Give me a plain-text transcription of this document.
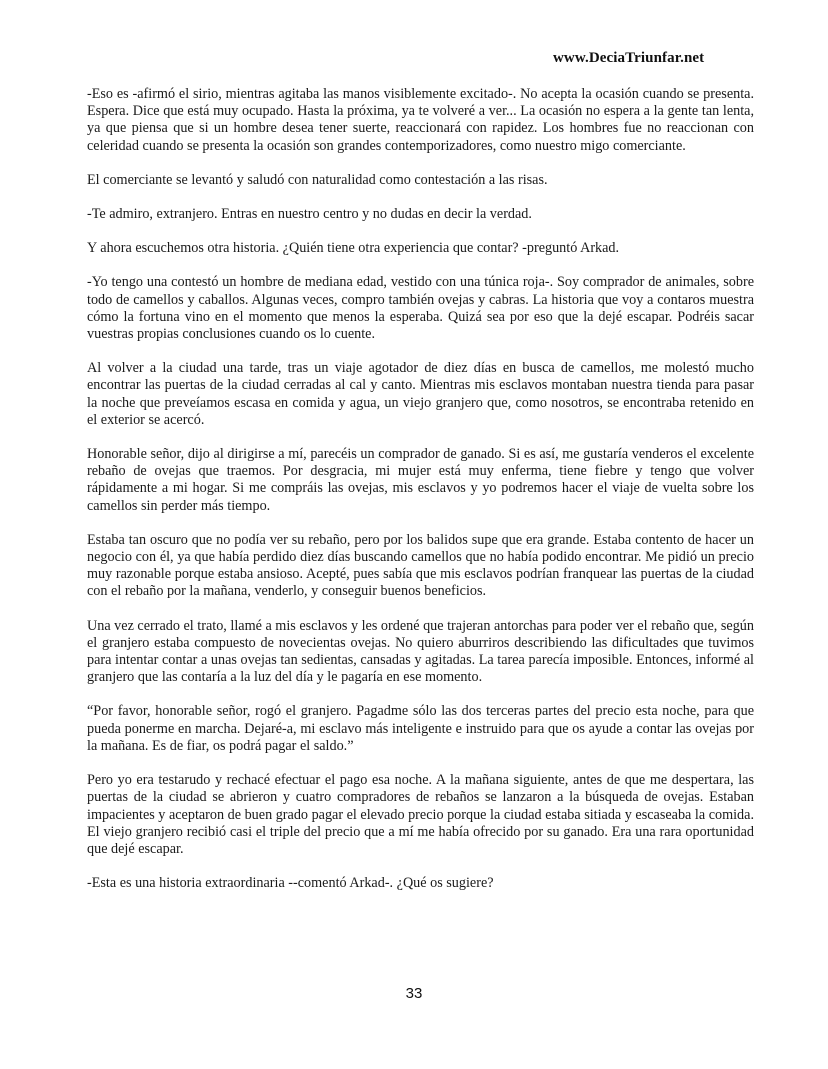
www.DeciaTriunfar.net

-Eso es -afirmó el sirio, mientras agitaba las manos visiblemente excitado-. No acepta la ocasión cuando se presenta. Espera. Dice que está muy ocupado. Hasta la próxima, ya te volveré a ver... La ocasión no espera a la gente tan lenta, ya que piensa que si un hombre desea tener suerte, reaccionará con rapidez. Los hombres fue no reaccionan con celeridad cuando se presenta la ocasión son grandes contemporizadores, como nuestro migo comerciante.

El comerciante se levantó y saludó con naturalidad como contestación a las risas.

-Te admiro, extranjero. Entras en nuestro centro y no dudas en decir la verdad.

Y ahora escuchemos otra historia. ¿Quién tiene otra experiencia que contar? -preguntó Arkad.

-Yo tengo una contestó un hombre de mediana edad, vestido con una túnica roja-. Soy comprador de animales, sobre todo de camellos y caballos. Algunas veces, compro también ovejas y cabras. La historia que voy a contaros muestra cómo la fortuna vino en el momento que menos la esperaba. Quizá sea por eso que la dejé escapar. Podréis sacar vuestras propias conclusiones cuando os lo cuente.

Al volver a la ciudad una tarde, tras un viaje agotador de diez días en busca de camellos, me molestó mucho encontrar las puertas de la ciudad cerradas al cal y canto. Mientras mis esclavos montaban nuestra tienda para pasar la noche que preveíamos escasa en comida y agua, un viejo granjero que, como nosotros, se encontraba retenido en el exterior se acercó.

Honorable señor, dijo al dirigirse a mí, parecéis un comprador de ganado. Si es así, me gustaría venderos el excelente rebaño de ovejas que traemos. Por desgracia, mi mujer está muy enferma, tiene fiebre y tengo que volver rápidamente a mi hogar. Si me compráis las ovejas, mis esclavos y yo podremos hacer el viaje de vuelta sobre los camellos sin perder más tiempo.

Estaba tan oscuro que no podía ver su rebaño, pero por los balidos supe que era grande. Estaba contento de hacer un negocio con él, ya que había perdido diez días buscando camellos que no había podido encontrar. Me pidió un precio muy razonable porque estaba ansioso. Acepté, pues sabía que mis esclavos podrían franquear las puertas de la ciudad con el rebaño por la mañana, venderlo, y conseguir buenos beneficios.

Una vez cerrado el trato, llamé a mis esclavos y les ordené que trajeran antorchas para poder ver el rebaño que, según el granjero estaba compuesto de novecientas ovejas. No quiero aburriros describiendo las dificultades que tuvimos para intentar contar a unas ovejas tan sedientas, cansadas y agitadas. La tarea parecía imposible. Entonces, informé al granjero que las contaría a la luz del día y le pagaría en ese momento.

“Por favor, honorable señor, rogó el granjero. Pagadme sólo las dos terceras partes del precio esta noche, para que pueda ponerme en marcha. Dejaré-a, mi esclavo más inteligente e instruido para que os ayude a contar las ovejas por la mañana. Es de fiar, os podrá pagar el saldo.”

Pero yo era testarudo y rechacé efectuar el pago esa noche. A la mañana siguiente, antes de que me despertara, las puertas de la ciudad se abrieron y cuatro compradores de rebaños se lanzaron a la búsqueda de ovejas. Estaban impacientes y aceptaron de buen grado pagar el elevado precio porque la ciudad estaba sitiada y escaseaba la comida. El viejo granjero recibió casi el triple del precio que a mí me había ofrecido por su ganado. Era una rara oportunidad que dejé escapar.

-Esta es una historia extraordinaria --comentó Arkad-. ¿Qué os sugiere?

33
